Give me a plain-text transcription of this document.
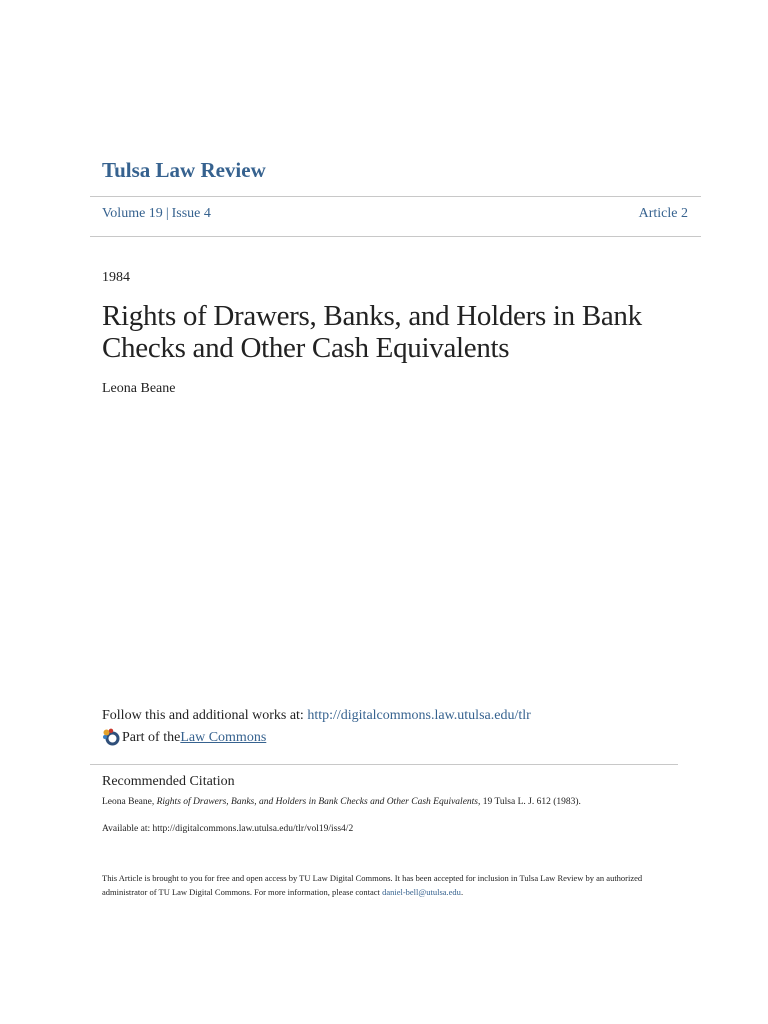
Tulsa Law Review
Volume 19 | Issue 4	Article 2
1984
Rights of Drawers, Banks, and Holders in Bank Checks and Other Cash Equivalents
Leona Beane
Follow this and additional works at: http://digitalcommons.law.utulsa.edu/tlr
Part of the Law Commons
Recommended Citation
Leona Beane, Rights of Drawers, Banks, and Holders in Bank Checks and Other Cash Equivalents, 19 Tulsa L. J. 612 (1983).
Available at: http://digitalcommons.law.utulsa.edu/tlr/vol19/iss4/2
This Article is brought to you for free and open access by TU Law Digital Commons. It has been accepted for inclusion in Tulsa Law Review by an authorized administrator of TU Law Digital Commons. For more information, please contact daniel-bell@utulsa.edu.
